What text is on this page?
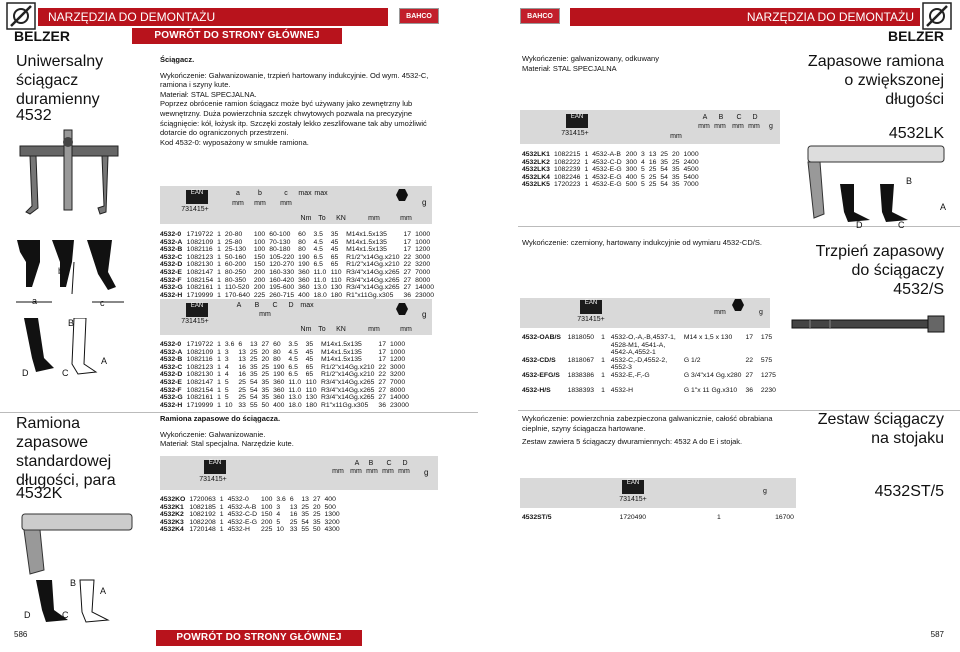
NARZĘDZIA DO DEMONTAŻU	BAHCO
BELZER	POWRÓT DO STRONY GŁÓWNEJ
BAHCO	NARZĘDZIA DO DEMONTAŻU
BELZER
Uniwersalny ściągacz duramienny
4532
Ściągacz.
Wykończenie: Galwanizowanie, trzpień hartowany indukcyjnie. Od wym. 4532-C, ramiona i szyny kute.
Materiał: STAL SPECJALNA.
Poprzez obrócenie ramion ściągacz może być używany jako zewnętrzny lub wewnętrzny. Duża powierzchnia szczęk chwytowych pozwala na precyzyjne ściągnięcie: kół, łożysk itp. Szczęki zostały lekko zeszlifowane tak aby umożliwić dotarcie do ograniczonych przestrzeni.
Kod 4532-0: wyposażony w smukłe ramiona.
b
a	c
B
A
D	C
EAN
731415+
a	b	c	max max
mm	mm	mm	g
Nm To	KN	mm	mm
4532-0	1719722	1	20-80	100	60-100	60	3.5	35	M14x1.5x135	17	1000
4532-A	1082109	1	25-80	100	70-130	80	4.5	45	M14x1.5x135	17	1000
4532-B	1082116	1	25-130	100	80-180	80	4.5	45	M14x1.5x135	17	1200
4532-C	1082123	1	50-160	150	105-220	190	6.5	65	R1/2"x14Gg.x210	22	3000
4532-D	1082130	1	60-200	150	120-270	190	6.5	65	R1/2"x14Gg.x210	22	3200
4532-E	1082147	1	80-250	200	160-330	360	11.0	110	R3/4"x14Gg.x265	27	7000
4532-F	1082154	1	80-350	200	160-420	360	11.0	110	R3/4"x14Gg.x265	27	8000
4532-G	1082161	1	110-520	200	195-600	360	13.0	130	R3/4"x14Gg.x265	27	14000
4532-H	1719999	1	170-640	225	260-715	400	18.0	180	R1"x11Gg.x305	36	23000
EAN
731415+
A	B	C	D max
mm
Nm To	KN	mm	mm
g
4532-0	1719722	1	3.6	6	13	27	60	3.5	35	M14x1.5x135	17	1000
4532-A	1082109	1	3	13	25	20	80	4.5	45	M14x1.5x135	17	1000
4532-B	1082116	1	3	13	25	20	80	4.5	45	M14x1.5x135	17	1200
4532-C	1082123	1	4	16	35	25	190	6.5	65	R1/2"x14Gg.x210	22	3000
4532-D	1082130	1	4	16	35	25	190	6.5	65	R1/2"x14Gg.x210	22	3200
4532-E	1082147	1	5	25	54	35	360	11.0	110	R3/4"x14Gg.x265	27	7000
4532-F	1082154	1	5	25	54	35	360	11.0	110	R3/4"x14Gg.x265	27	8000
4532-G	1082161	1	5	25	54	35	360	13.0	130	R3/4"x14Gg.x265	27	14000
4532-H	1719999	1	10	33	55	50	400	18.0	180	R1"x11Gg.x305	36	23000
Ramiona zapasowe standardowej długości, para
4532K
Ramiona zapasowe do ściągacza.
Wykończenie: Galwanizowanie.
Materiał: Stal specjalna. Narzędzie kute.
EAN
731415+
mm
A	B	C	D
mm mm mm mm g
4532KO	1720063	1	4532-0	100	3.6	6	13	27	400
4532K1	1082185	1	4532-A-B	100	3	13	25	20	500
4532K2	1082192	1	4532-C-D	150	4	16	35	25	1300
4532K3	1082208	1	4532-E-G	200	5	25	54	35	3200
4532K4	1720148	1	4532-H	225	10	33	55	50	4300
B
A
D	C
Wykończenie: galwanizowany, odkuwany
Materiał: STAL SPECJALNA	Zapasowe ramiona o zwiększonej długości
4532LK
EAN
731415+	mm
A	B	C	D
mm mm mm mm	g
4532LK1	1082215	1	4532-A-B	200	3	13	25	20	1000
4532LK2	1082222	1	4532-C-D	300	4	16	35	25	2400
4532LK3	1082239	1	4532-E-G	300	5	25	54	35	4500
4532LK4	1082246	1	4532-E-G	400	5	25	54	35	5400
4532LK5	1720223	1	4532-E-G	500	5	25	54	35	7000	B
A
D	C
Wykończenie: czerniony, hartowany indukcyjnie od wymiaru 4532-CD/S.
Trzpień zapasowy do ściągaczy
4532/S
EAN
731415+
mm	g
4532-OAB/S	1818050	1	4532-O,-A,-B,4537-1, 4528-M1, 4541-A, 4542-A,4552-1	M14 x 1,5 x 130	17	175
4532-CD/S	1818067	1	4532-C,-D,4552-2, 4552-3	G 1/2	22	575
4532-EFG/S	1838386	1	4532-E,-F,-G	G 3/4"x14 Gg.x280	27	1275
4532-H/S	1838393	1	4532-H	G 1"x 11 Gg.x310	36	2230
Wykończenie: powierzchnia zabezpieczona galwanicznie, całość obrabiana cieplnie, szyny ściągacza hartowane.
Zestaw zawiera 5 ściągaczy dwuramiennych: 4532 A do E i stojak.
Zestaw ściągaczy na stojaku
4532ST/5
EAN
731415+
g
4532ST/5	1720490	1	16700
586	POWRÓT DO STRONY GŁÓWNEJ	587
